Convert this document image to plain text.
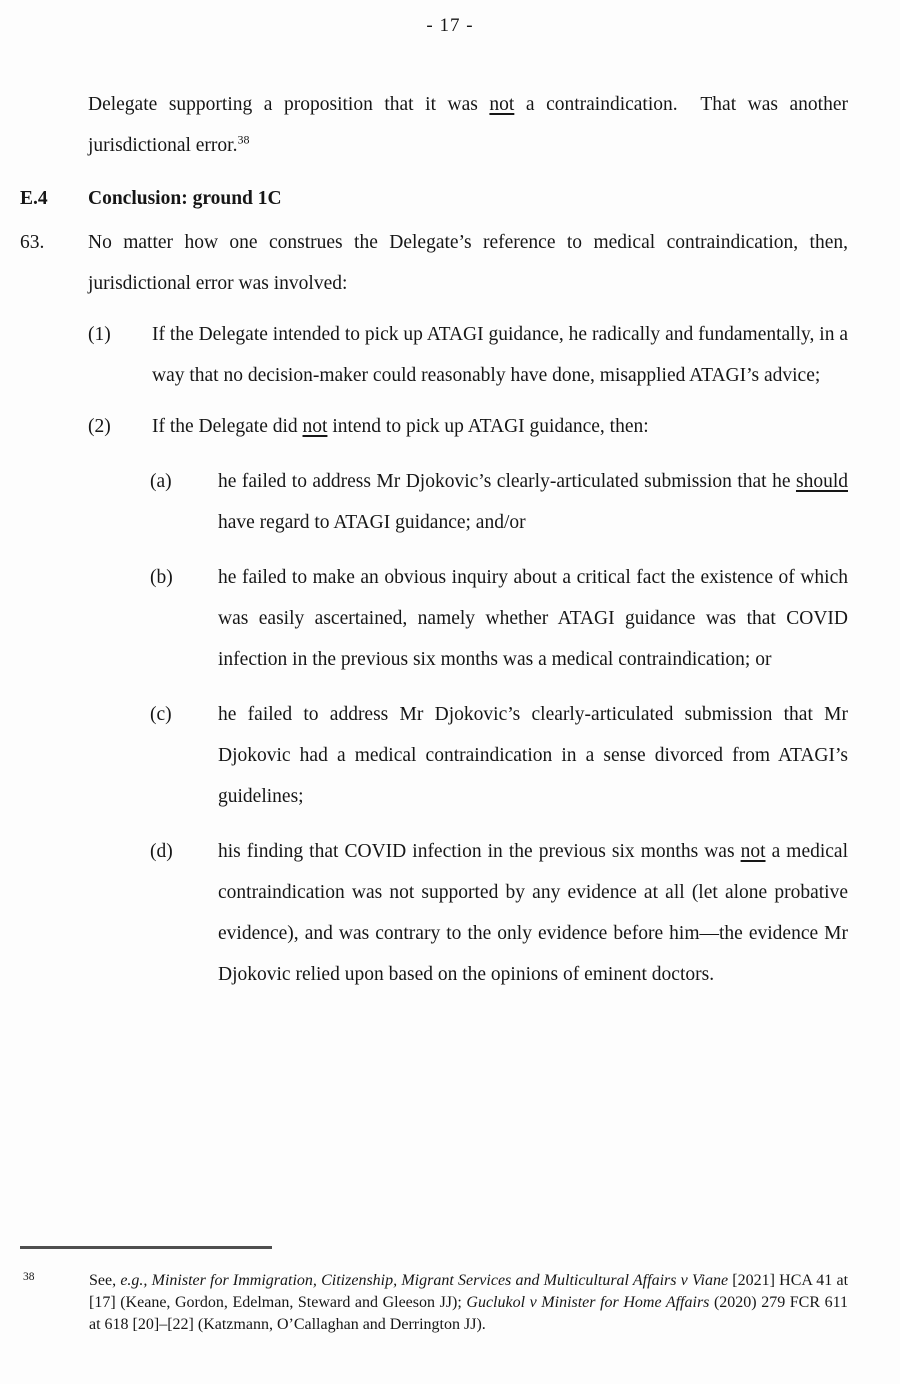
- 17 -
Delegate supporting a proposition that it was not a contraindication.  That was another jurisdictional error.$^{38}$
E.4	Conclusion: ground 1C
63.	No matter how one construes the Delegate’s reference to medical contraindication, then, jurisdictional error was involved:
(1)	If the Delegate intended to pick up ATAGI guidance, he radically and fundamentally, in a way that no decision-maker could reasonably have done, misapplied ATAGI’s advice;
(2)	If the Delegate did not intend to pick up ATAGI guidance, then:
(a)	he failed to address Mr Djokovic’s clearly-articulated submission that he should have regard to ATAGI guidance; and/or
(b)	he failed to make an obvious inquiry about a critical fact the existence of which was easily ascertained, namely whether ATAGI guidance was that COVID infection in the previous six months was a medical contraindication; or
(c)	he failed to address Mr Djokovic’s clearly-articulated submission that Mr Djokovic had a medical contraindication in a sense divorced from ATAGI’s guidelines;
(d)	his finding that COVID infection in the previous six months was not a medical contraindication was not supported by any evidence at all (let alone probative evidence), and was contrary to the only evidence before him—the evidence Mr Djokovic relied upon based on the opinions of eminent doctors.
38	See, e.g., Minister for Immigration, Citizenship, Migrant Services and Multicultural Affairs v Viane [2021] HCA 41 at [17] (Keane, Gordon, Edelman, Steward and Gleeson JJ); Guclukol v Minister for Home Affairs (2020) 279 FCR 611 at 618 [20]–[22] (Katzmann, O’Callaghan and Derrington JJ).
